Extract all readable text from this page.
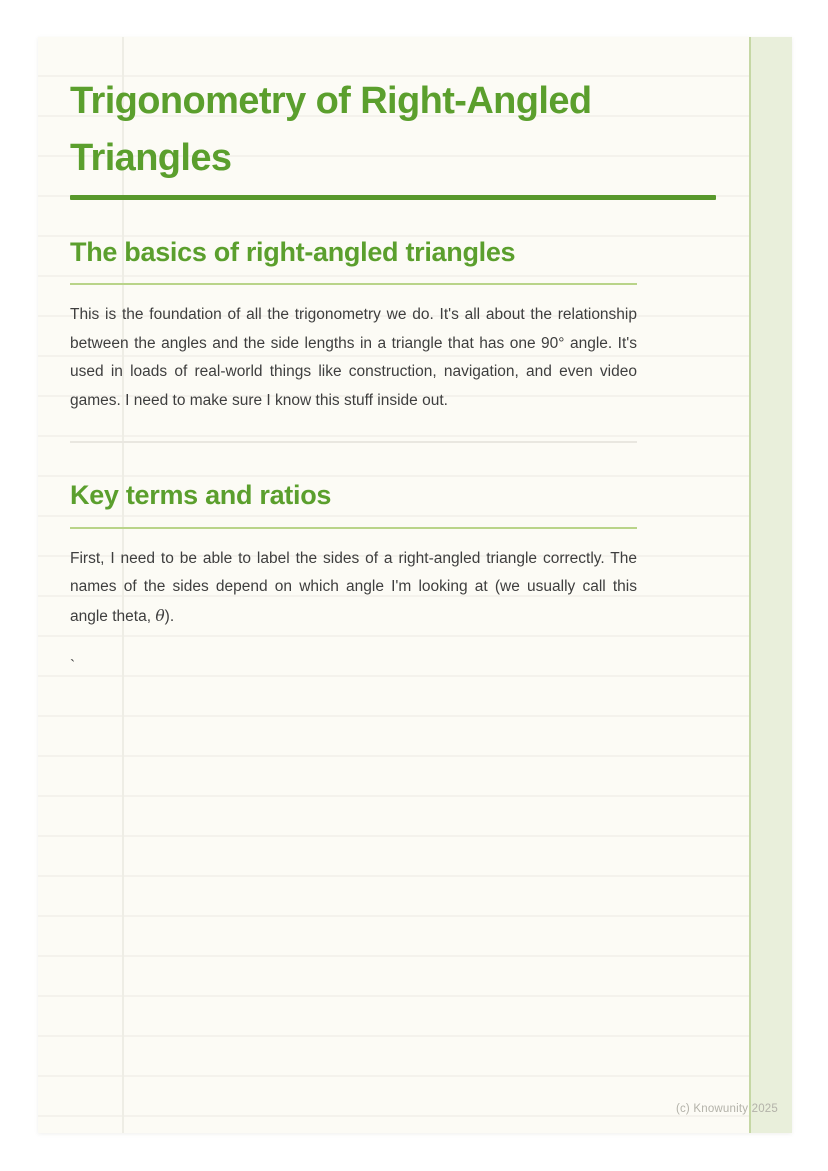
Trigonometry of Right-Angled Triangles
The basics of right-angled triangles

This is the foundation of all the trigonometry we do. It's all about the relationship between the angles and the side lengths in a triangle that has one 90° angle. It's used in loads of real-world things like construction, navigation, and even video games. I need to make sure I know this stuff inside out.

Key terms and ratios

First, I need to be able to label the sides of a right-angled triangle correctly. The names of the sides depend on which angle I'm looking at (we usually call this angle theta, θ).

`

(c) Knowunity 2025
